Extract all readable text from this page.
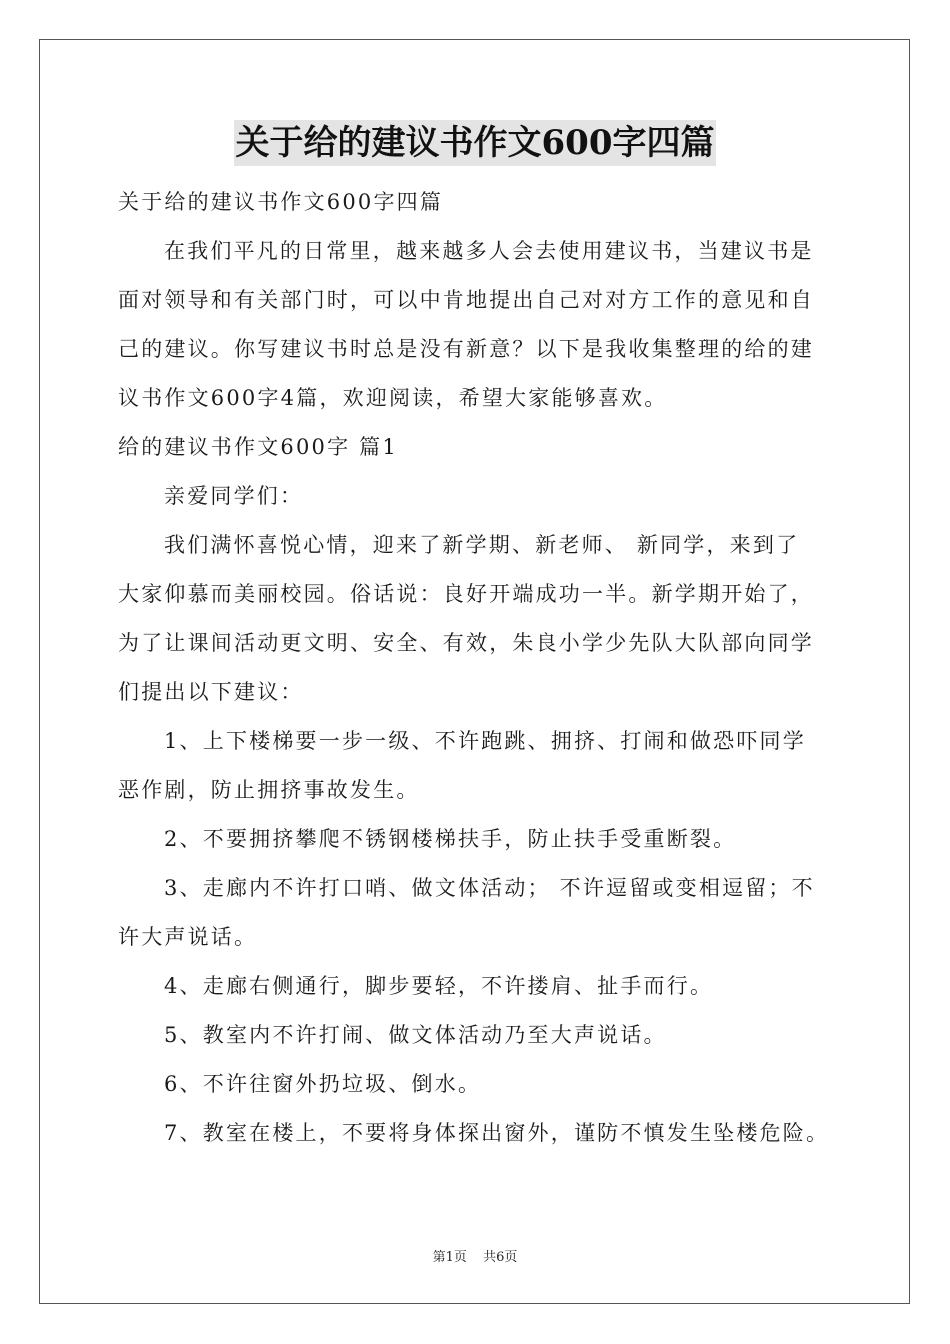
关于给的建议书作文600字四篇

关于给的建议书作文600字四篇

在我们平凡的日常里，越来越多人会去使用建议书，当建议书是

面对领导和有关部门时，可以中肯地提出自己对对方工作的意见和自

己的建议。你写建议书时总是没有新意？以下是我收集整理的给的建

议书作文600字4篇，欢迎阅读，希望大家能够喜欢。

给的建议书作文600字 篇1

亲爱同学们：

我们满怀喜悦心情，迎来了新学期、新老师、 新同学，来到了

大家仰慕而美丽校园。俗话说：良好开端成功一半。新学期开始了，

为了让课间活动更文明、安全、有效，朱良小学少先队大队部向同学

们提出以下建议：

1、上下楼梯要一步一级、不许跑跳、拥挤、打闹和做恐吓同学

恶作剧，防止拥挤事故发生。

2、不要拥挤攀爬不锈钢楼梯扶手，防止扶手受重断裂。

3、走廊内不许打口哨、做文体活动； 不许逗留或变相逗留；不

许大声说话。

4、走廊右侧通行，脚步要轻，不许搂肩、扯手而行。

5、教室内不许打闹、做文体活动乃至大声说话。

6、不许往窗外扔垃圾、倒水。

7、教室在楼上，不要将身体探出窗外，谨防不慎发生坠楼危险。

第1页 共6页
